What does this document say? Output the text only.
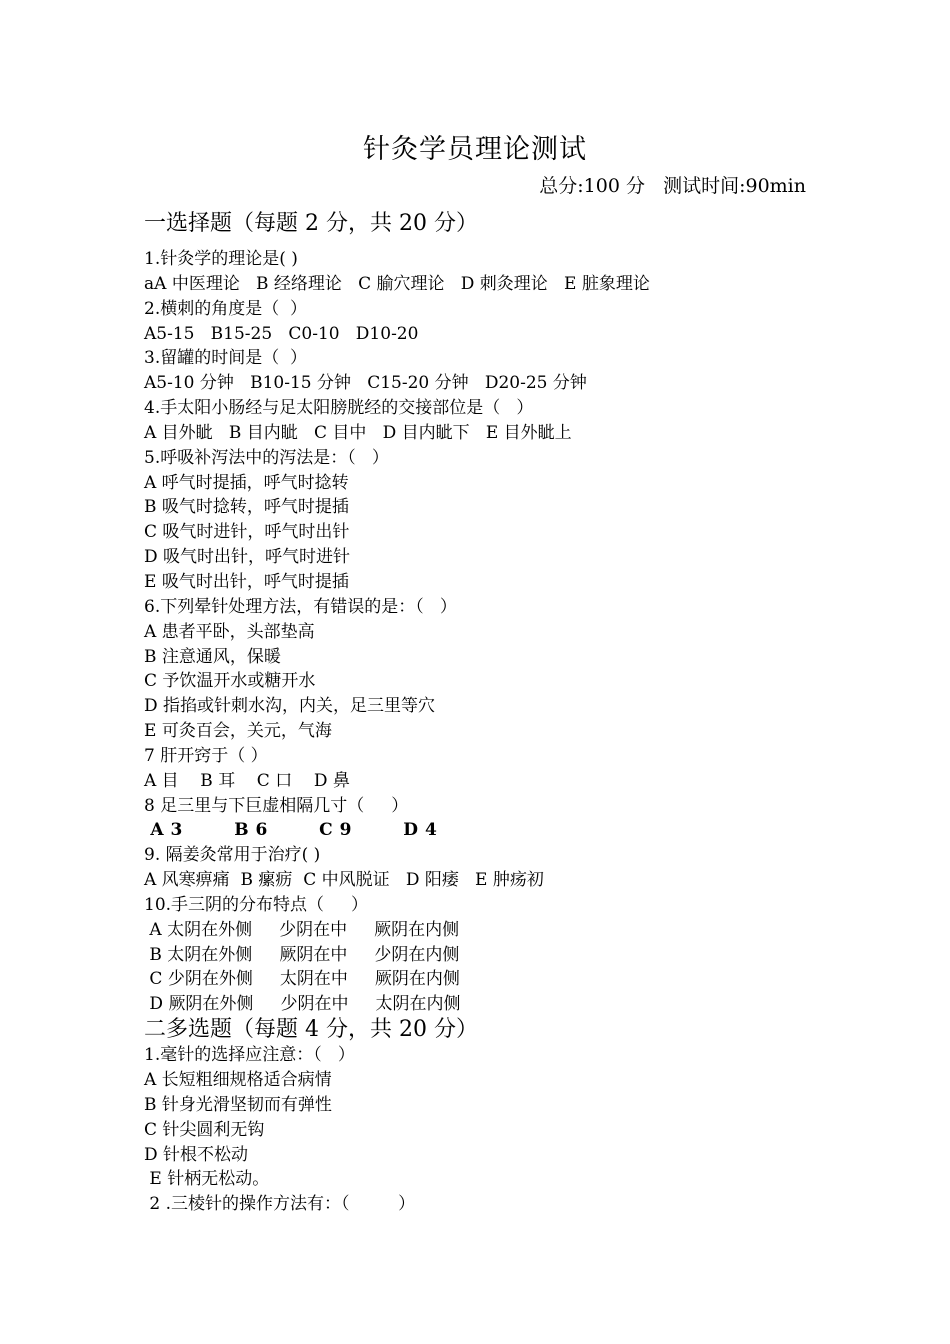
针灸学员理论测试
总分:100 分   测试时间:90min
一选择题（每题 2 分，共 20 分）
1.针灸学的理论是( )
aA 中医理论   B 经络理论   C 腧穴理论   D 刺灸理论   E 脏象理论
2.横刺的角度是（  ）
A5-15   B15-25   C0-10   D10-20
3.留罐的时间是（  ）
A5-10 分钟   B10-15 分钟   C15-20 分钟   D20-25 分钟
4.手太阳小肠经与足太阳膀胱经的交接部位是（   ）
A 目外眦   B 目内眦   C 目中   D 目内眦下   E 目外眦上
5.呼吸补泻法中的泻法是：（   ）
A 呼气时提插，呼气时捻转
B 吸气时捻转，呼气时提插
C 吸气时进针，呼气时出针
D 吸气时出针，呼气时进针
E 吸气时出针，呼气时提插
6.下列晕针处理方法，有错误的是：（   ）
A 患者平卧，头部垫高
B 注意通风，保暖
C 予饮温开水或糖开水
D 指掐或针刺水沟，内关，足三里等穴
E 可灸百会，关元，气海
7 肝开窍于（ ）
A 目    B 耳    C 口    D 鼻
8 足三里与下巨虚相隔几寸（     ）
A 3        B 6        C 9        D 4
9. 隔姜灸常用于治疗( )
A 风寒痹痛  B 瘰疬  C 中风脱证   D 阳痿   E 肿疡初
10.手三阴的分布特点（     ）
A 太阴在外侧     少阴在中     厥阴在内侧
B 太阴在外侧     厥阴在中     少阴在内侧
C 少阴在外侧     太阴在中     厥阴在内侧
D 厥阴在外侧     少阴在中     太阴在内侧
二多选题（每题 4 分，共 20 分）
1.毫针的选择应注意：（   ）
A 长短粗细规格适合病情
B 针身光滑坚韧而有弹性
C 针尖圆利无钩
D 针根不松动
E 针柄无松动。
2 .三棱针的操作方法有：（         ）
